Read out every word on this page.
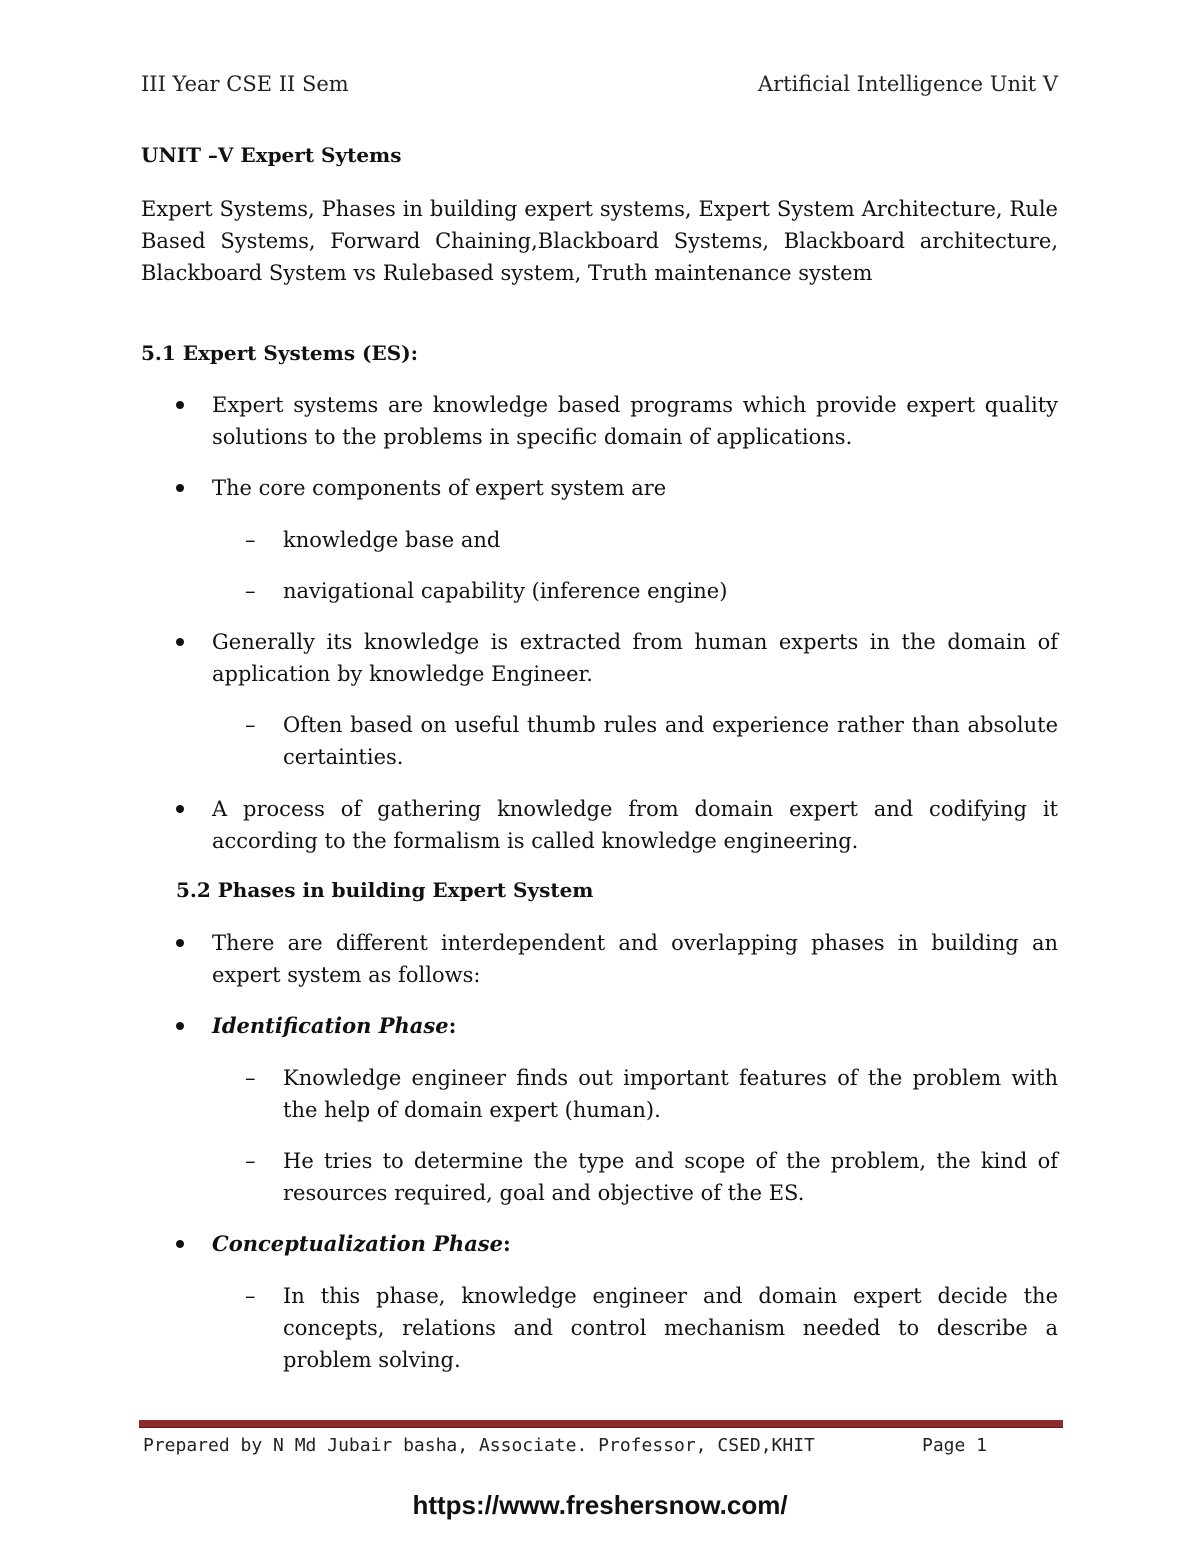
III Year CSE II Sem	Artificial Intelligence Unit V
UNIT –V Expert Sytems

Expert Systems, Phases in building expert systems, Expert System Architecture, Rule Based Systems, Forward Chaining,Blackboard Systems, Blackboard architecture, Blackboard System vs Rulebased system, Truth maintenance system

5.1 Expert Systems (ES):

Expert systems are knowledge based programs which provide expert quality solutions to the problems in specific domain of applications.

The core components of expert system are

– knowledge base and

– navigational capability (inference engine)

Generally its knowledge is extracted from human experts in the domain of application by knowledge Engineer.

– Often based on useful thumb rules and experience rather than absolute certainties.

A process of gathering knowledge from domain expert and codifying it according to the formalism is called knowledge engineering.

5.2 Phases in building Expert System

There are different interdependent and overlapping phases in building an expert system as follows:

Identification Phase:

– Knowledge engineer finds out important features of the problem with the help of domain expert (human).

– He tries to determine the type and scope of the problem, the kind of resources required, goal and objective of the ES.

Conceptualization Phase:

– In this phase, knowledge engineer and domain expert decide the concepts, relations and control mechanism needed to describe a problem solving.

Prepared by N Md Jubair basha, Associate. Professor, CSED,KHIT	Page 1
https://www.freshersnow.com/
